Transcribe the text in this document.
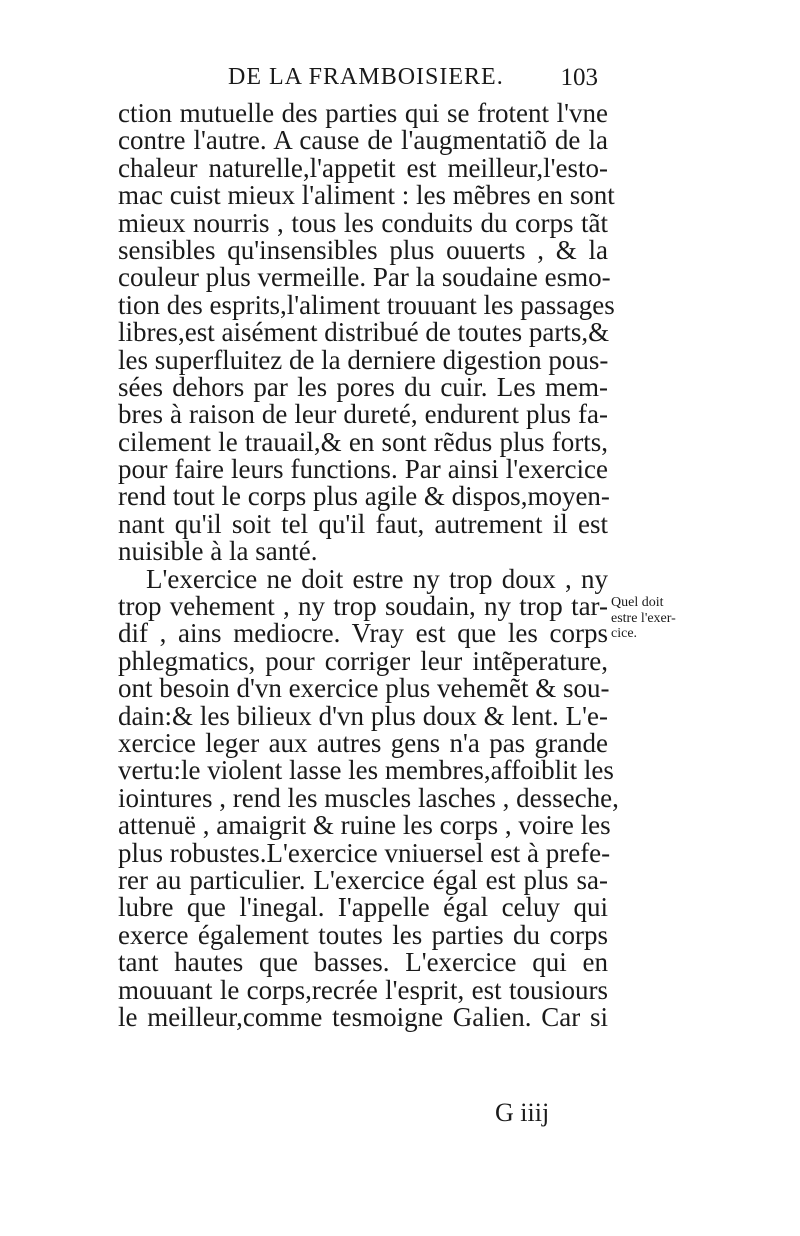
DE LA FRAMBOISIERE. 103
ction mutuelle des parties qui se frotent l'vne
contre l'autre. A cause de l'augmentatiõ de la
chaleur naturelle,l'appetit est meilleur,l'esto-
mac cuist mieux l'aliment : les mẽbres en sont
mieux nourris , tous les conduits du corps tãt
sensibles qu'insensibles plus ouuerts , & la
couleur plus vermeille. Par la soudaine esmo-
tion des esprits,l'aliment trouuant les passages
libres,est aisément distribué de toutes parts,&
les superfluitez de la derniere digestion pous-
sées dehors par les pores du cuir. Les mem-
bres à raison de leur dureté, endurent plus fa-
cilement le trauail,& en sont rẽdus plus forts,
pour faire leurs functions. Par ainsi l'exercice
rend tout le corps plus agile & dispos,moyen-
nant qu'il soit tel qu'il faut, autrement il est
nuisible à la santé.
L'exercice ne doit estre ny trop doux , ny
trop vehement , ny trop soudain, ny trop tar-
dif , ains mediocre. Vray est que les corps
phlegmatics, pour corriger leur intẽperature,
ont besoin d'vn exercice plus vehemẽt & sou-
dain:& les bilieux d'vn plus doux & lent. L'e-
xercice leger aux autres gens n'a pas grande
vertu:le violent lasse les membres,affoiblit les
iointures , rend les muscles lasches , desseche,
attenuë , amaigrit & ruine les corps , voire les
plus robustes.L'exercice vniuersel est à prefe-
rer au particulier. L'exercice égal est plus sa-
lubre que l'inegal. I'appelle égal celuy qui
exerce également toutes les parties du corps
tant hautes que basses. L'exercice qui en
mouuant le corps,recrée l'esprit, est tousiours
le meilleur,comme tesmoigne Galien. Car si
Quel doit
estre l'exer-
cice.
G iiij
